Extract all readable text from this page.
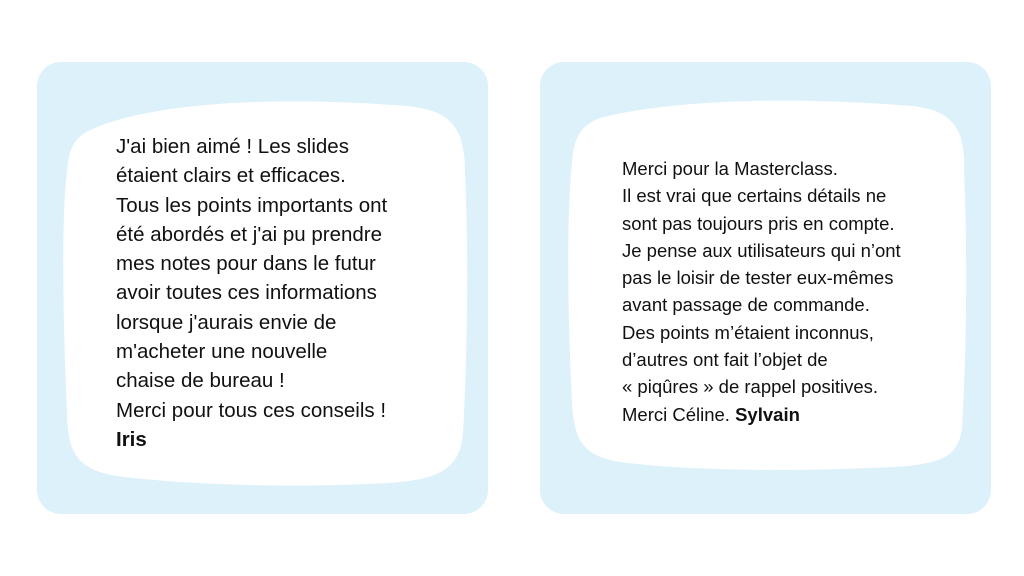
J'ai bien aimé ! Les slides
étaient clairs et efficaces.
Tous les points importants ont
été abordés et j'ai pu prendre
mes notes pour dans le futur
avoir toutes ces informations
lorsque j'aurais envie de
m'acheter une nouvelle
chaise de bureau !
Merci pour tous ces conseils !
Iris

Merci pour la Masterclass.
Il est vrai que certains détails ne
sont pas toujours pris en compte.
Je pense aux utilisateurs qui n’ont
pas le loisir de tester eux-mêmes
avant passage de commande.
Des points m’étaient inconnus,
d’autres ont fait l’objet de
« piqûres » de rappel positives.
Merci Céline. Sylvain
